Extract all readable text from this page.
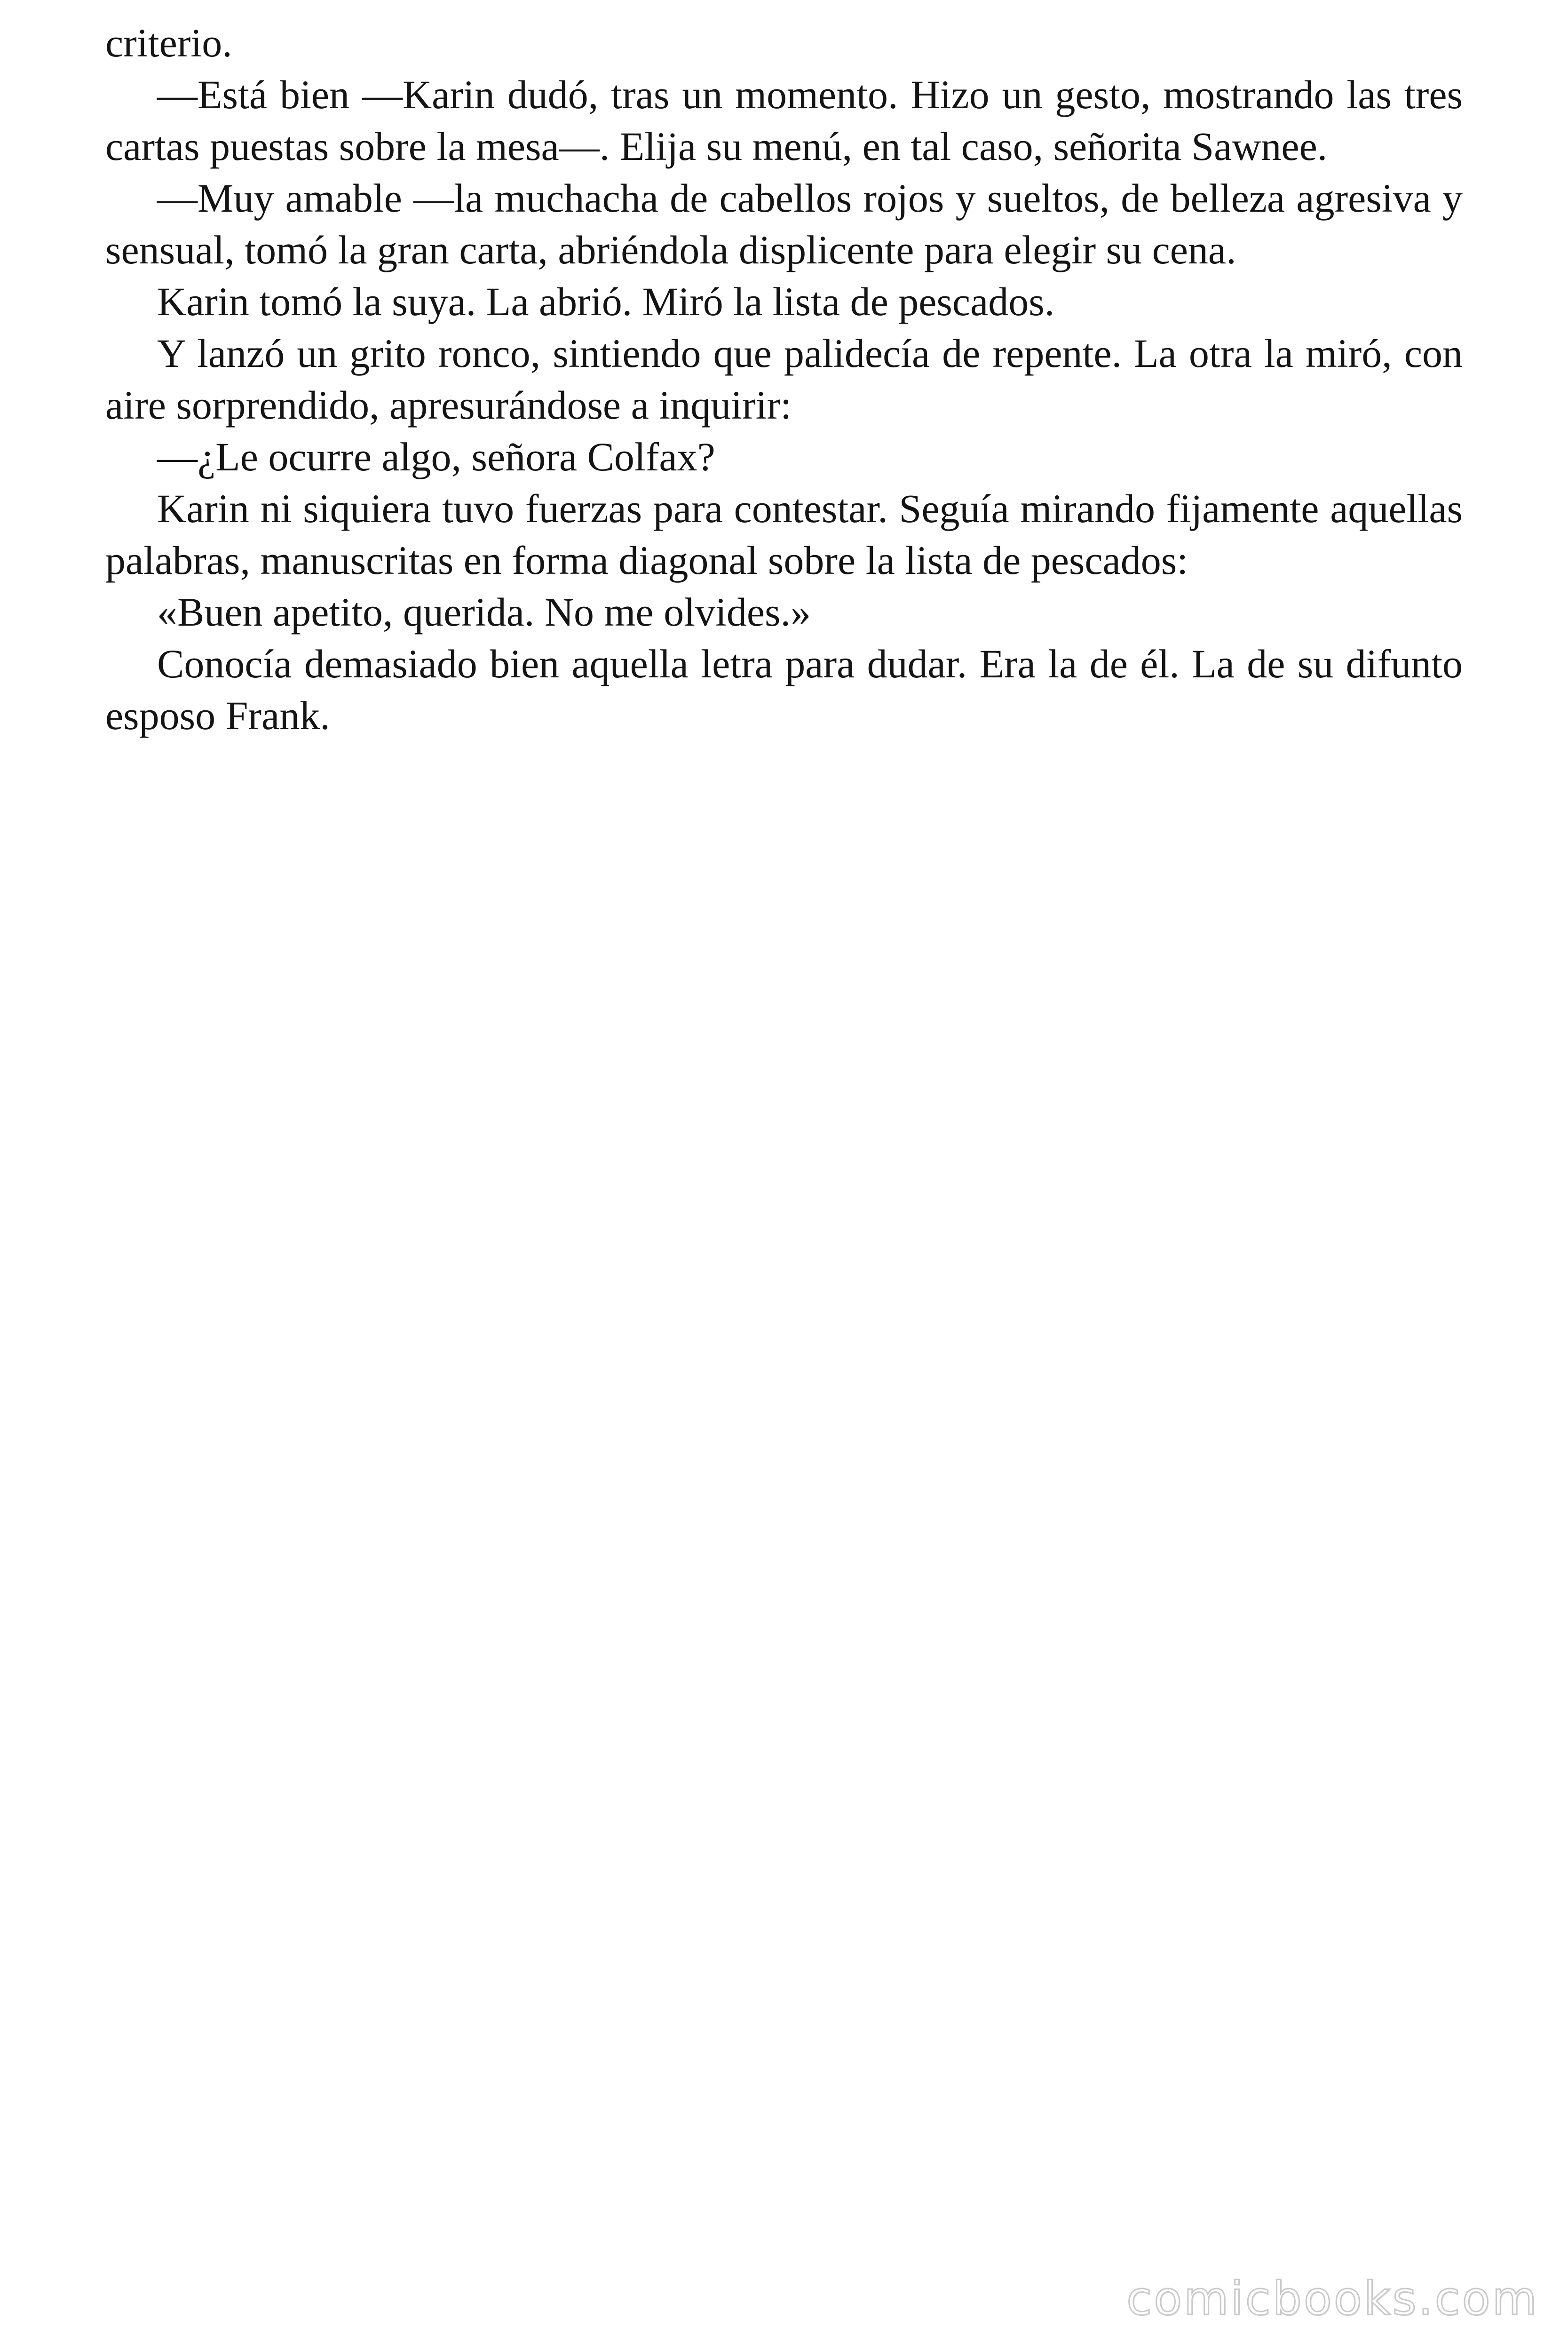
criterio.

—Está bien —Karin dudó, tras un momento. Hizo un gesto, mostrando las tres cartas puestas sobre la mesa—. Elija su menú, en tal caso, señorita Sawnee.

—Muy amable —la muchacha de cabellos rojos y sueltos, de belleza agresiva y sensual, tomó la gran carta, abriéndola displicente para elegir su cena.

Karin tomó la suya. La abrió. Miró la lista de pescados.

Y lanzó un grito ronco, sintiendo que palidecía de repente. La otra la miró, con aire sorprendido, apresurándose a inquirir:

—¿Le ocurre algo, señora Colfax?

Karin ni siquiera tuvo fuerzas para contestar. Seguía mirando fijamente aquellas palabras, manuscritas en forma diagonal sobre la lista de pescados:

«Buen apetito, querida. No me olvides.»

Conocía demasiado bien aquella letra para dudar. Era la de él. La de su difunto esposo Frank.

comicbooks.com
